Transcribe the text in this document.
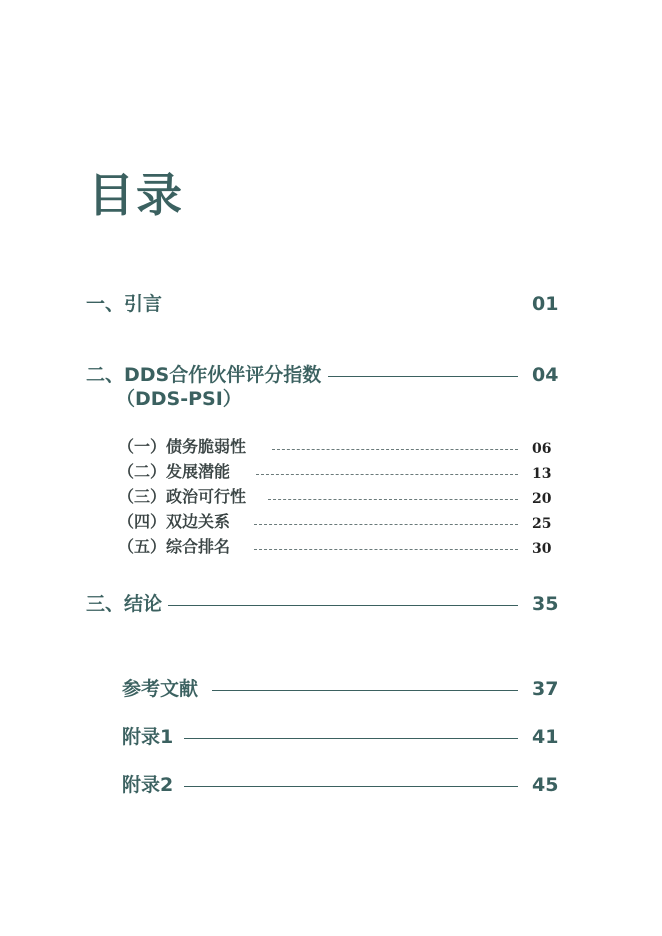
目录
一、引言	01
二、DDS合作伙伴评分指数	04
（DDS-PSI）
（一）债务脆弱性	06
（二）发展潜能	13
（三）政治可行性	20
（四）双边关系	25
（五）综合排名	30
三、结论	35
参考文献	37
附录1	41
附录2	45
